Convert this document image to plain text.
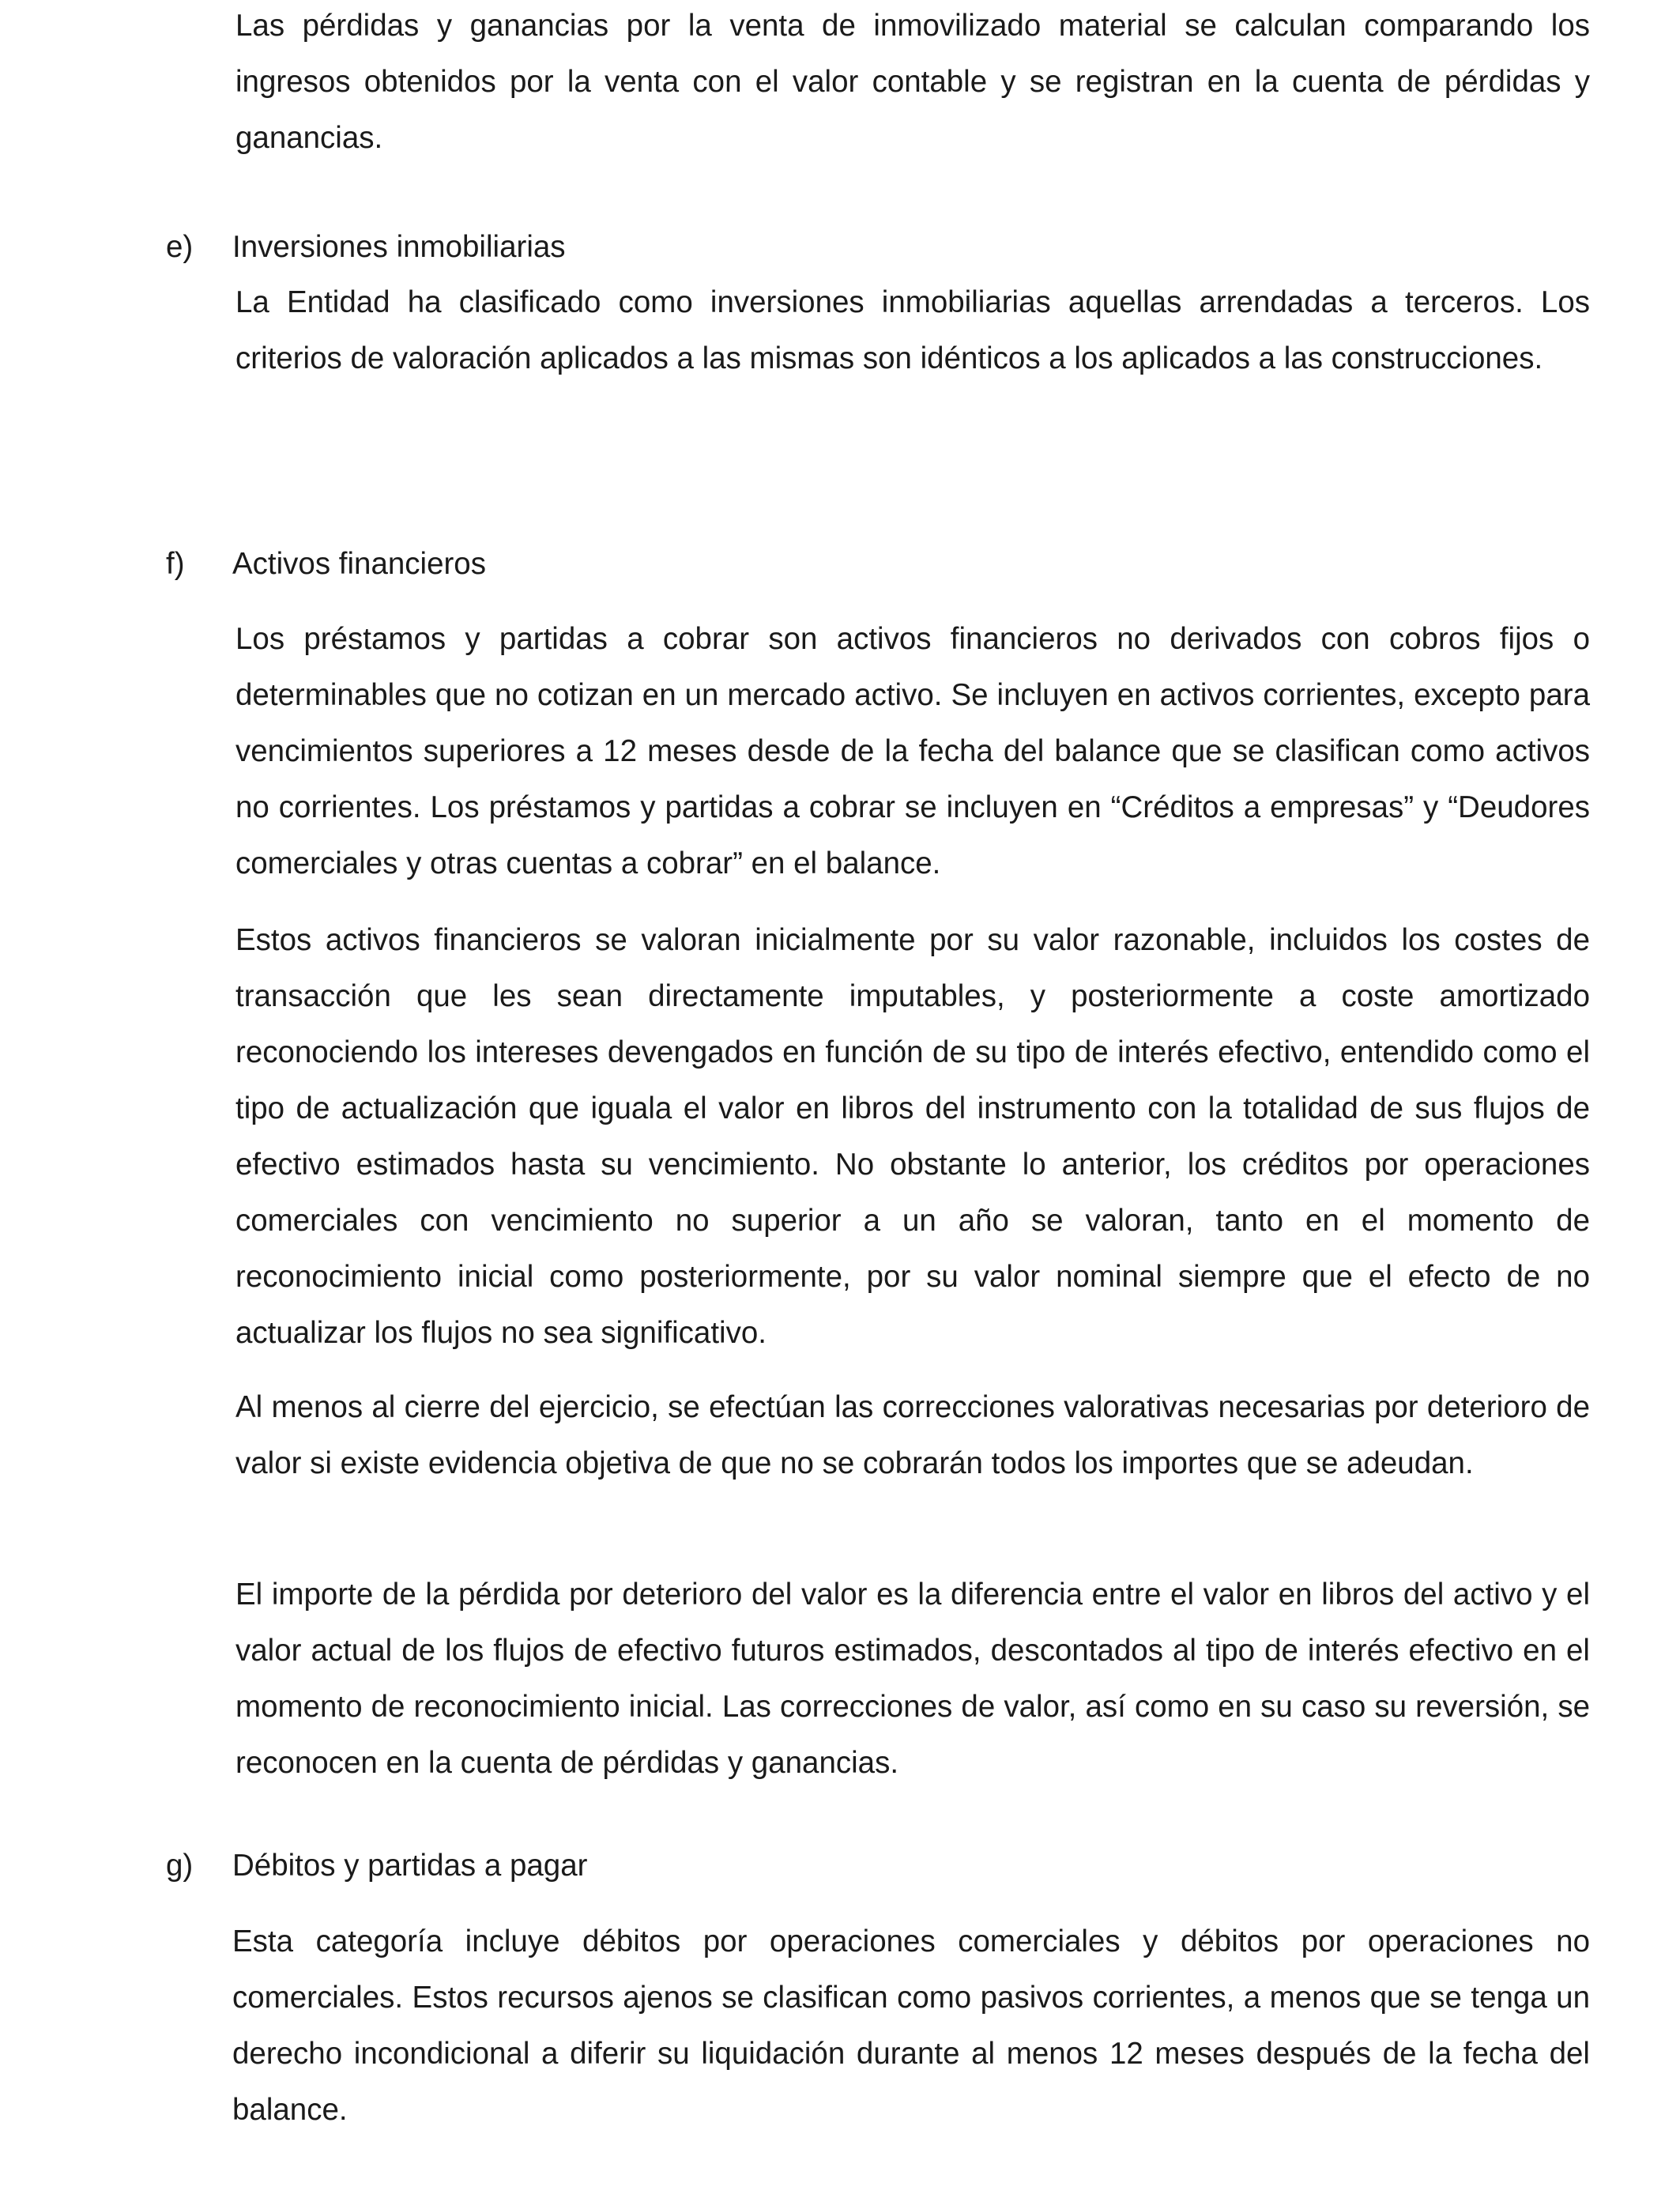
Las pérdidas y ganancias por la venta de inmovilizado material se calculan comparando los ingresos obtenidos por la venta con el valor contable y se registran en la cuenta de pérdidas y ganancias.

e) Inversiones inmobiliarias

La Entidad ha clasificado como inversiones inmobiliarias aquellas arrendadas a terceros. Los criterios de valoración aplicados a las mismas son idénticos a los aplicados a las construcciones.

f) Activos financieros

Los préstamos y partidas a cobrar son activos financieros no derivados con cobros fijos o determinables que no cotizan en un mercado activo. Se incluyen en activos corrientes, excepto para vencimientos superiores a 12 meses desde de la fecha del balance que se clasifican como activos no corrientes. Los préstamos y partidas a cobrar se incluyen en “Créditos a empresas” y “Deudores comerciales y otras cuentas a cobrar” en el balance.

Estos activos financieros se valoran inicialmente por su valor razonable, incluidos los costes de transacción que les sean directamente imputables, y posteriormente a coste amortizado reconociendo los intereses devengados en función de su tipo de interés efectivo, entendido como el tipo de actualización que iguala el valor en libros del instrumento con la totalidad de sus flujos de efectivo estimados hasta su vencimiento. No obstante lo anterior, los créditos por operaciones comerciales con vencimiento no superior a un año se valoran, tanto en el momento de reconocimiento inicial como posteriormente, por su valor nominal siempre que el efecto de no actualizar los flujos no sea significativo.

Al menos al cierre del ejercicio, se efectúan las correcciones valorativas necesarias por deterioro de valor si existe evidencia objetiva de que no se cobrarán todos los importes que se adeudan.

El importe de la pérdida por deterioro del valor es la diferencia entre el valor en libros del activo y el valor actual de los flujos de efectivo futuros estimados, descontados al tipo de interés efectivo en el momento de reconocimiento inicial. Las correcciones de valor, así como en su caso su reversión, se reconocen en la cuenta de pérdidas y ganancias.

g) Débitos y partidas a pagar

Esta categoría incluye débitos por operaciones comerciales y débitos por operaciones no comerciales. Estos recursos ajenos se clasifican como pasivos corrientes, a menos que se tenga un derecho incondicional a diferir su liquidación durante al menos 12 meses después de la fecha del balance.
